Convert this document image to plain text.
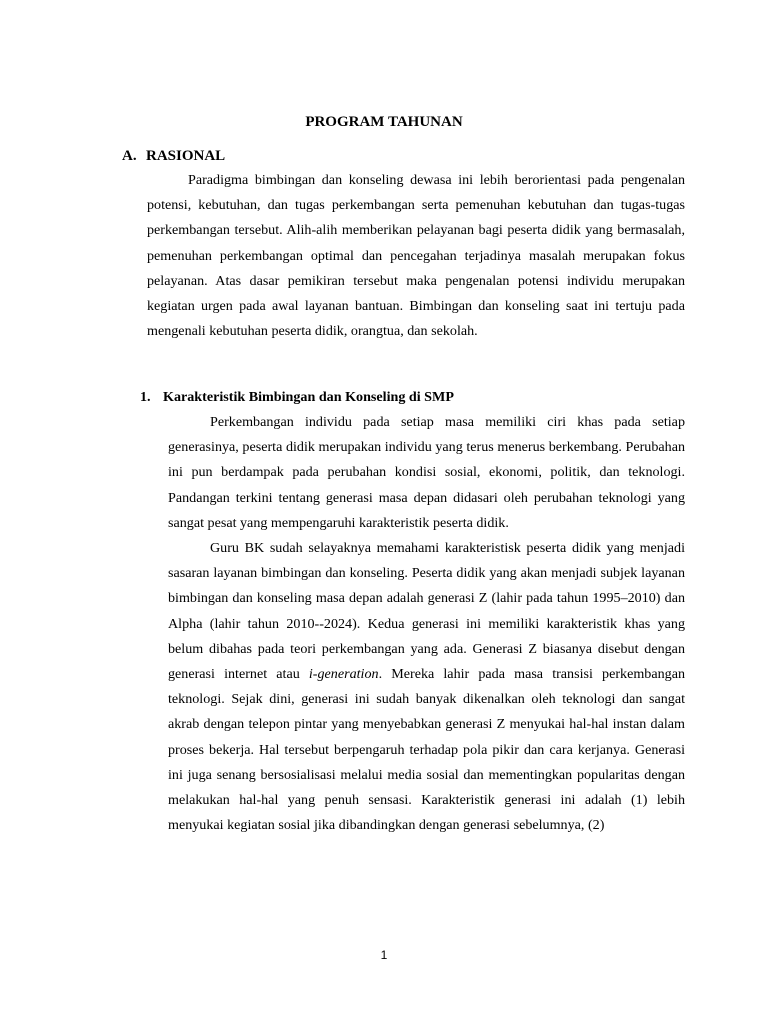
PROGRAM TAHUNAN
A. RASIONAL

Paradigma bimbingan dan konseling dewasa ini lebih berorientasi pada pengenalan potensi, kebutuhan, dan tugas perkembangan serta pemenuhan kebutuhan dan tugas-tugas perkembangan tersebut. Alih-alih memberikan pelayanan bagi peserta didik yang bermasalah, pemenuhan perkembangan optimal dan pencegahan terjadinya masalah merupakan fokus pelayanan. Atas dasar pemikiran tersebut maka pengenalan potensi individu merupakan kegiatan urgen pada awal layanan bantuan. Bimbingan dan konseling saat ini tertuju pada mengenali kebutuhan peserta didik, orangtua, dan sekolah.

1. Karakteristik Bimbingan dan Konseling di SMP

Perkembangan individu pada setiap masa memiliki ciri khas pada setiap generasinya, peserta didik merupakan individu yang terus menerus berkembang. Perubahan ini pun berdampak pada perubahan kondisi sosial, ekonomi, politik, dan teknologi. Pandangan terkini tentang generasi masa depan didasari oleh perubahan teknologi yang sangat pesat yang mempengaruhi karakteristik peserta didik.

Guru BK sudah selayaknya memahami karakteristisk peserta didik yang menjadi sasaran layanan bimbingan dan konseling. Peserta didik yang akan menjadi subjek layanan bimbingan dan konseling masa depan adalah generasi Z (lahir pada tahun 1995–2010) dan Alpha (lahir tahun 2010--2024). Kedua generasi ini memiliki karakteristik khas yang belum dibahas pada teori perkembangan yang ada. Generasi Z biasanya disebut dengan generasi internet atau i-generation. Mereka lahir pada masa transisi perkembangan teknologi. Sejak dini, generasi ini sudah banyak dikenalkan oleh teknologi dan sangat akrab dengan telepon pintar yang menyebabkan generasi Z menyukai hal-hal instan dalam proses bekerja. Hal tersebut berpengaruh terhadap pola pikir dan cara kerjanya. Generasi ini juga senang bersosialisasi melalui media sosial dan mementingkan popularitas dengan melakukan hal-hal yang penuh sensasi. Karakteristik generasi ini adalah (1) lebih menyukai kegiatan sosial jika dibandingkan dengan generasi sebelumnya, (2)

1
